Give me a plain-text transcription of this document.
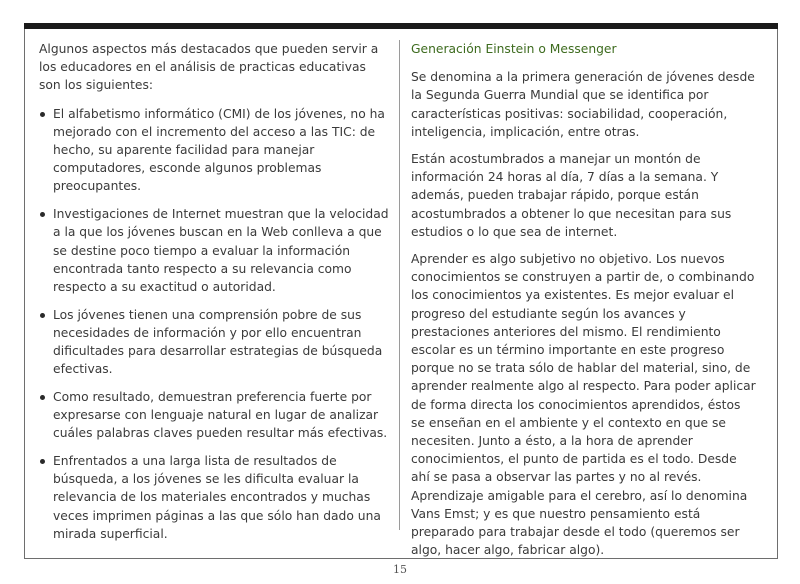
Algunos aspectos más destacados que pueden servir a los educadores en el análisis de practicas educativas son los siguientes:

El alfabetismo informático (CMI) de los jóvenes, no ha mejorado con el incremento del acceso a las TIC: de hecho, su aparente facilidad para manejar computadores, esconde algunos problemas preocupantes.
Investigaciones de Internet muestran que la velocidad a la que los jóvenes buscan en la Web conlleva a que se destine poco tiempo a evaluar la información encontrada tanto respecto a su relevancia como respecto a su exactitud o autoridad.
Los jóvenes tienen una comprensión pobre de sus necesidades de información y por ello encuentran dificultades para desarrollar estrategias de búsqueda efectivas.
Como resultado, demuestran preferencia fuerte por expresarse con lenguaje natural en lugar de analizar cuáles palabras claves pueden resultar más efectivas.
Enfrentados a una larga lista de resultados de búsqueda, a los jóvenes se les dificulta evaluar la relevancia de los materiales encontrados y muchas veces imprimen páginas a las que sólo han dado una mirada superficial.
Generación Einstein o Messenger

Se denomina a la primera generación de jóvenes desde la Segunda Guerra Mundial que se identifica por características positivas: sociabilidad, cooperación, inteligencia, implicación, entre otras.

Están acostumbrados a manejar un montón de información 24 horas al día, 7 días a la semana. Y además, pueden trabajar rápido, porque están acostumbrados a obtener lo que necesitan para sus estudios o lo que sea de internet.

Aprender es algo subjetivo no objetivo. Los nuevos conocimientos se construyen a partir de, o combinando los conocimientos ya existentes. Es mejor evaluar el progreso del estudiante según los avances y prestaciones anteriores del mismo. El rendimiento escolar es un término importante en este progreso porque no se trata sólo de hablar del material, sino, de aprender realmente algo al respecto. Para poder aplicar de forma directa los conocimientos aprendidos, éstos se enseñan en el ambiente y el contexto en que se necesiten. Junto a ésto, a la hora de aprender conocimientos, el punto de partida es el todo. Desde ahí se pasa a observar las partes y no al revés. Aprendizaje amigable para el cerebro, así lo denomina Vans Emst; y es que nuestro pensamiento está preparado para trabajar desde el todo (queremos ser algo, hacer algo, fabricar algo).

15
